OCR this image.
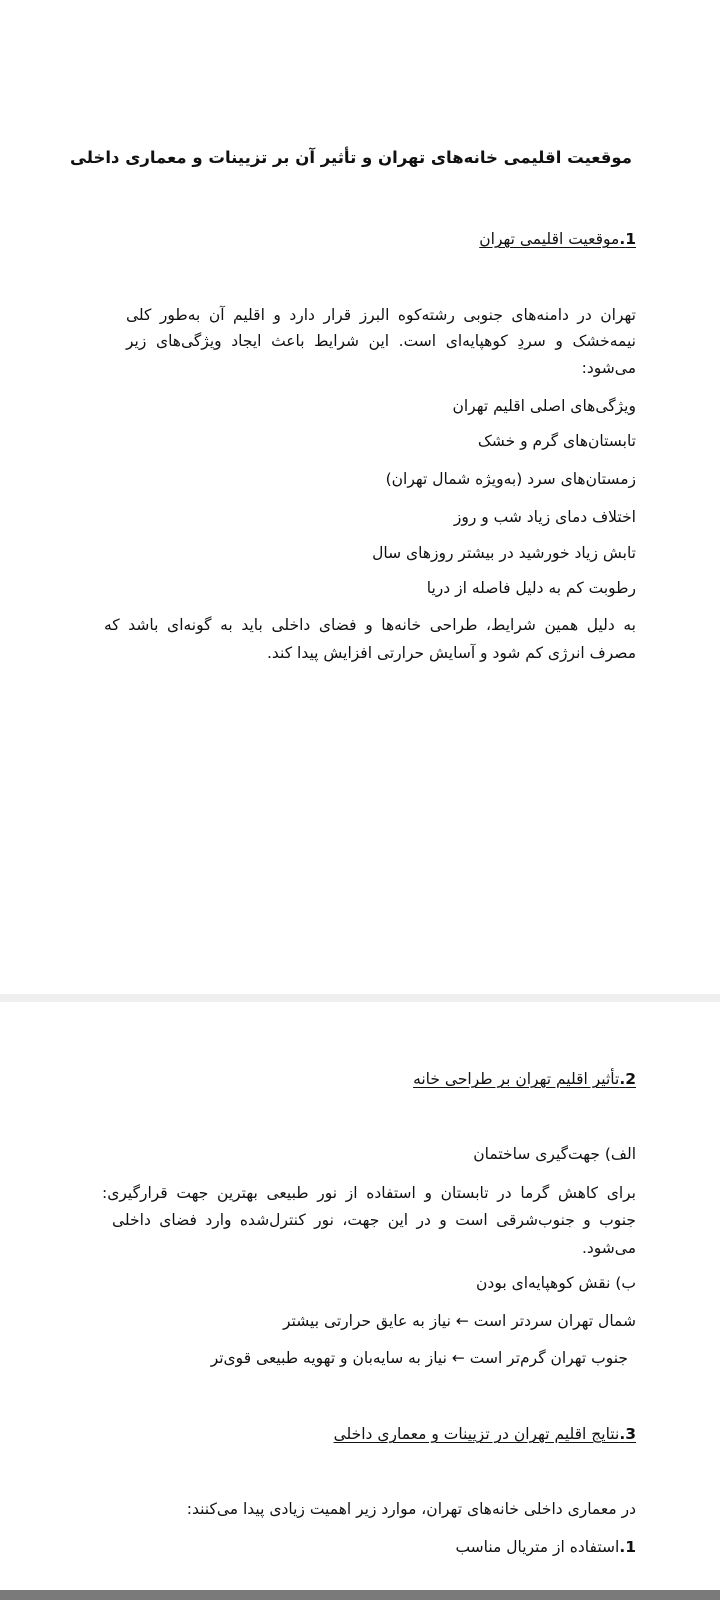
موقعیت اقلیمی خانه‌های تهران و تأثیر آن بر تزیینات و معماری داخلی
1.موقعیت اقلیمی تهران
تهران در دامنه‌های جنوبی رشته‌کوه البرز قرار دارد و اقلیم آن به‌طور کلی
نیمه‌خشک و سردِ کوهپایه‌ای است. این شرایط باعث ایجاد ویژگی‌های زیر
می‌شود:
ویژگی‌های اصلی اقلیم تهران
تابستان‌های گرم و خشک
زمستان‌های سرد (به‌ویژه شمال تهران)
اختلاف دمای زیاد شب و روز
تابش زیاد خورشید در بیشتر روزهای سال
رطوبت کم به دلیل فاصله از دریا
به دلیل همین شرایط، طراحی خانه‌ها و فضای داخلی باید به گونه‌ای باشد که
مصرف انرژی کم شود و آسایش حرارتی افزایش پیدا کند.
2.تأثیر اقلیم تهران بر طراحی خانه
الف) جهت‌گیری ساختمان
برای کاهش گرما در تابستان و استفاده از نور طبیعی بهترین جهت قرارگیری:
جنوب و جنوب‌شرقی است و در این جهت، نور کنترل‌شده وارد فضای داخلی
می‌شود.
ب) نقش کوهپایه‌ای بودن
شمال تهران سردتر است ← نیاز به عایق حرارتی بیشتر
جنوب تهران گرم‌تر است ← نیاز به سایه‌بان و تهویه طبیعی قوی‌تر
3.نتایج اقلیم تهران در تزیینات و معماری داخلی
در معماری داخلی خانه‌های تهران، موارد زیر اهمیت زیادی پیدا می‌کنند:
1.استفاده از متریال مناسب
